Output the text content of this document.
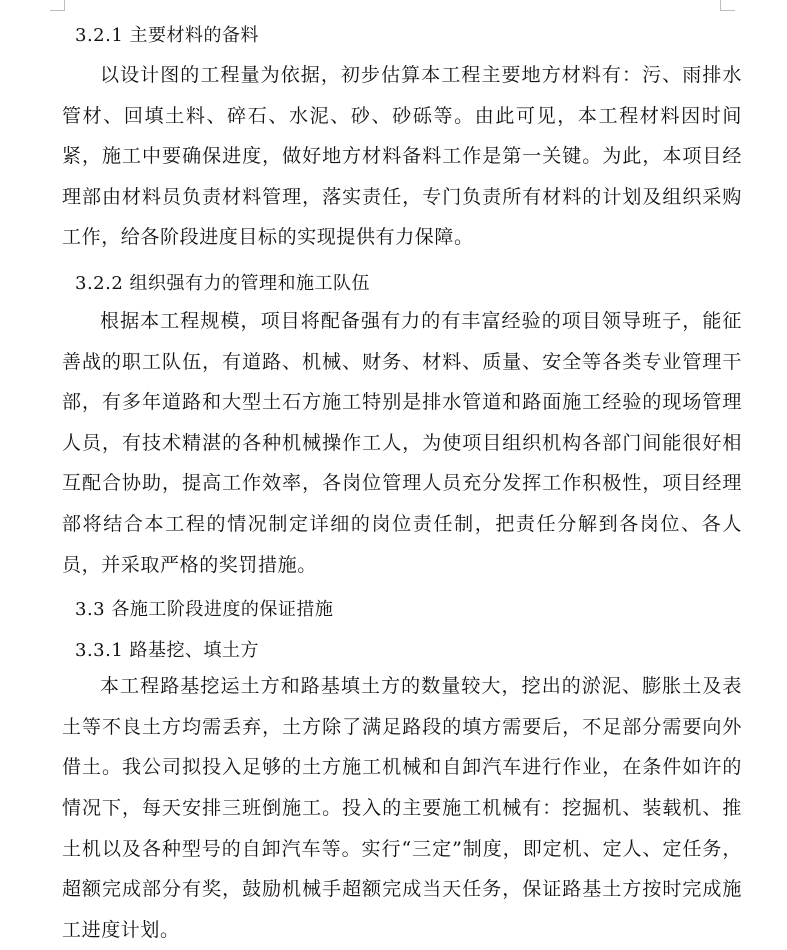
3.2.1 主要材料的备料

以设计图的工程量为依据，初步估算本工程主要地方材料有：污、雨排水管材、回填土料、碎石、水泥、砂、砂砾等。由此可见，本工程材料因时间紧，施工中要确保进度，做好地方材料备料工作是第一关键。为此，本项目经理部由材料员负责材料管理，落实责任，专门负责所有材料的计划及组织采购工作，给各阶段进度目标的实现提供有力保障。

3.2.2 组织强有力的管理和施工队伍

根据本工程规模，项目将配备强有力的有丰富经验的项目领导班子，能征善战的职工队伍，有道路、机械、财务、材料、质量、安全等各类专业管理干部，有多年道路和大型土石方施工特别是排水管道和路面施工经验的现场管理人员，有技术精湛的各种机械操作工人，为使项目组织机构各部门间能很好相互配合协助，提高工作效率，各岗位管理人员充分发挥工作积极性，项目经理部将结合本工程的情况制定详细的岗位责任制，把责任分解到各岗位、各人员，并采取严格的奖罚措施。

3.3 各施工阶段进度的保证措施
3.3.1 路基挖、填土方

本工程路基挖运土方和路基填土方的数量较大，挖出的淤泥、膨胀土及表土等不良土方均需丢弃，土方除了满足路段的填方需要后，不足部分需要向外借土。我公司拟投入足够的土方施工机械和自卸汽车进行作业，在条件如许的情况下，每天安排三班倒施工。投入的主要施工机械有：挖掘机、装载机、推土机以及各种型号的自卸汽车等。实行“三定”制度，即定机、定人、定任务，超额完成部分有奖，鼓励机械手超额完成当天任务，保证路基土方按时完成施工进度计划。
